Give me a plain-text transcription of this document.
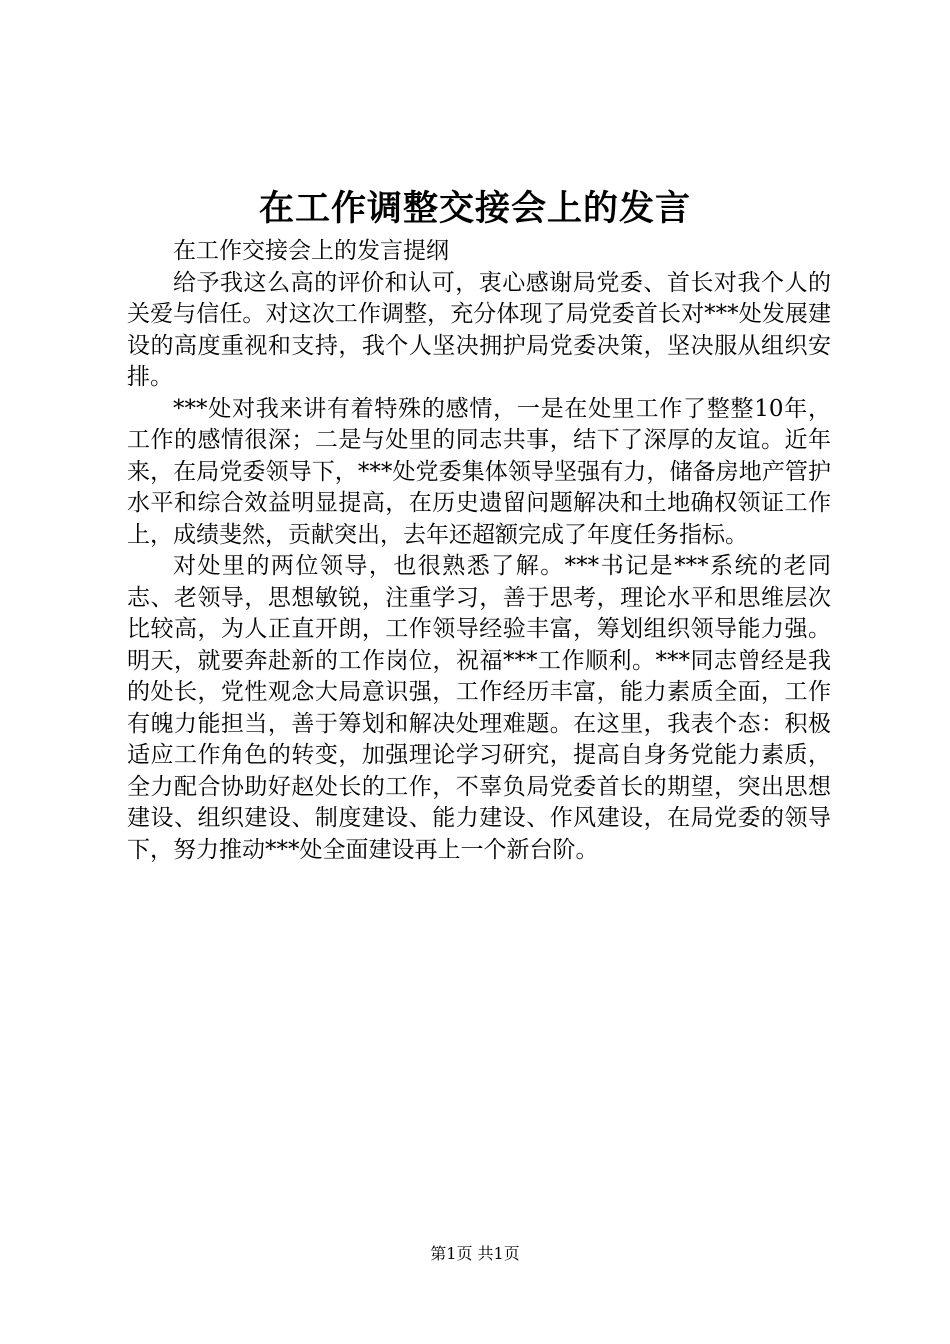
在工作调整交接会上的发言

在工作交接会上的发言提纲

给予我这么高的评价和认可，衷心感谢局党委、首长对我个人的关爱与信任。对这次工作调整，充分体现了局党委首长对***处发展建设的高度重视和支持，我个人坚决拥护局党委决策，坚决服从组织安排。

***处对我来讲有着特殊的感情，一是在处里工作了整整10年，工作的感情很深；二是与处里的同志共事，结下了深厚的友谊。近年来，在局党委领导下，***处党委集体领导坚强有力，储备房地产管护水平和综合效益明显提高，在历史遗留问题解决和土地确权领证工作上，成绩斐然，贡献突出，去年还超额完成了年度任务指标。

对处里的两位领导，也很熟悉了解。***书记是***系统的老同志、老领导，思想敏锐，注重学习，善于思考，理论水平和思维层次比较高，为人正直开朗，工作领导经验丰富，筹划组织领导能力强。明天，就要奔赴新的工作岗位，祝福***工作顺利。***同志曾经是我的处长，党性观念大局意识强，工作经历丰富，能力素质全面，工作有魄力能担当，善于筹划和解决处理难题。在这里，我表个态：积极适应工作角色的转变，加强理论学习研究，提高自身务党能力素质，全力配合协助好赵处长的工作，不辜负局党委首长的期望，突出思想建设、组织建设、制度建设、能力建设、作风建设，在局党委的领导下，努力推动***处全面建设再上一个新台阶。

第1页 共1页
